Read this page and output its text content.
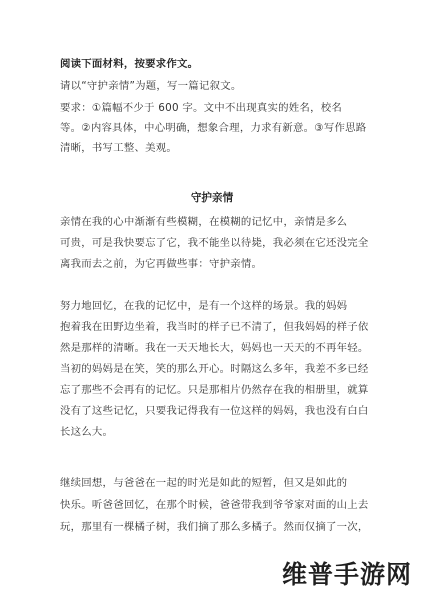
阅读下面材料，按要求作文。
请以“守护亲情”为题，写一篇记叙文。
要求：①篇幅不少于 600 字。文中不出现真实的姓名，校名
等。②内容具体，中心明确，想象合理，力求有新意。③写作思路
清晰，书写工整、美观。
守护亲情
亲情在我的心中渐渐有些模糊，在模糊的记忆中，亲情是多么
可贵，可是我快要忘了它，我不能坐以待毙，我必须在它还没完全
离我而去之前，为它再做些事：守护亲情。
努力地回忆，在我的记忆中，是有一个这样的场景。我的妈妈
抱着我在田野边坐着，我当时的样子已不清了，但我妈妈的样子依
然是那样的清晰。我在一天天地长大，妈妈也一天天的不再年轻。
当初的妈妈是在笑，笑的那么开心。时隔这么多年，我差不多已经
忘了那些不会再有的记忆。只是那相片仍然存在我的相册里，就算
没有了这些记忆，只要我记得我有一位这样的妈妈，我也没有白白
长这么大。
继续回想，与爸爸在一起的时光是如此的短暂，但又是如此的
快乐。听爸爸回忆，在那个时候，爸爸带我到爷爷家对面的山上去
玩，那里有一棵橘子树，我们摘了那么多橘子。然而仅摘了一次，
维普手游网
